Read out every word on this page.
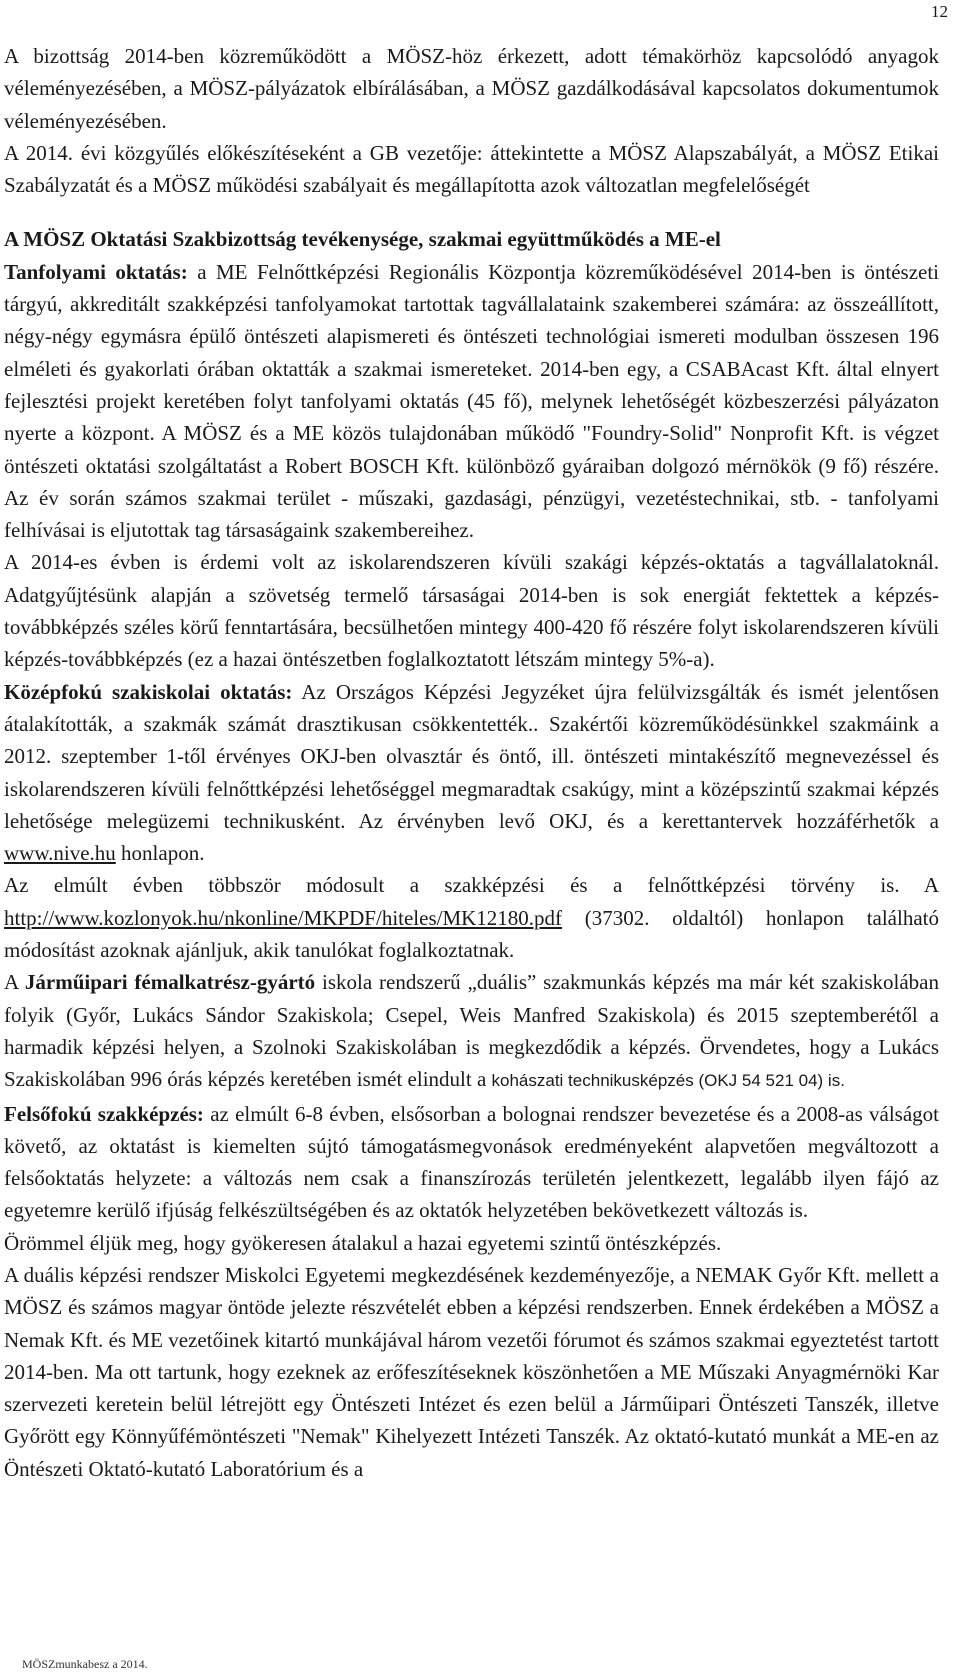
12

A bizottság 2014-ben közreműködött a MÖSZ-höz érkezett, adott témakörhöz kapcsolódó anyagok véleményezésében, a MÖSZ-pályázatok elbírálásában, a MÖSZ gazdálkodásával kapcsolatos dokumentumok véleményezésében.

A 2014. évi közgyűlés előkészítéseként a GB vezetője: áttekintette a MÖSZ Alapszabályát, a MÖSZ Etikai Szabályzatát és a MÖSZ működési szabályait és megállapította azok változatlan megfelelőségét

A MÖSZ Oktatási Szakbizottság tevékenysége, szakmai együttműködés a ME-el

Tanfolyami oktatás: a ME Felnőttképzési Regionális Központja közreműködésével 2014-ben is öntészeti tárgyú, akkreditált szakképzési tanfolyamokat tartottak tagvállalataink szakemberei számára: az összeállított, négy-négy egymásra épülő öntészeti alapismereti és öntészeti technológiai ismereti modulban összesen 196 elméleti és gyakorlati órában oktatták a szakmai ismereteket. 2014-ben egy, a CSABAcast Kft. által elnyert fejlesztési projekt keretében folyt tanfolyami oktatás (45 fő), melynek lehetőségét közbeszerzési pályázaton nyerte a központ. A MÖSZ és a ME közös tulajdonában működő "Foundry-Solid" Nonprofit Kft. is végzet öntészeti oktatási szolgáltatást a Robert BOSCH Kft. különböző gyáraiban dolgozó mérnökök (9 fő) részére. Az év során számos szakmai terület - műszaki, gazdasági, pénzügyi, vezetéstechnikai, stb. - tanfolyami felhívásai is eljutottak tag társaságaink szakembereihez.

A 2014-es évben is érdemi volt az iskolarendszeren kívüli szakági képzés-oktatás a tagvállalatoknál. Adatgyűjtésünk alapján a szövetség termelő társaságai 2014-ben is sok energiát fektettek a képzés-továbbképzés széles körű fenntartására, becsülhetően mintegy 400-420 fő részére folyt iskolarendszeren kívüli képzés-továbbképzés (ez a hazai öntészetben foglalkoztatott létszám mintegy 5%-a).

Középfokú szakiskolai oktatás: Az Országos Képzési Jegyzéket újra felülvizsgálták és ismét jelentősen átalakították, a szakmák számát drasztikusan csökkentették.. Szakértői közreműködésünkkel szakmáink a 2012. szeptember 1-től érvényes OKJ-ben olvasztár és öntő, ill. öntészeti mintakészítő megnevezéssel és iskolarendszeren kívüli felnőttképzési lehetőséggel megmaradtak csakúgy, mint a középszintű szakmai képzés lehetősége melegüzemi technikusként. Az érvényben levő OKJ, és a kerettantervek hozzáférhetők a www.nive.hu honlapon.

Az elmúlt évben többször módosult a szakképzési és a felnőttképzési törvény is. A http://www.kozlonyok.hu/nkonline/MKPDF/hiteles/MK12180.pdf (37302. oldaltól) honlapon található módosítást azoknak ajánljuk, akik tanulókat foglalkoztatnak.

A Járműipari fémalkatrész-gyártó iskola rendszerű „duális” szakmunkás képzés ma már két szakiskolában folyik (Győr, Lukács Sándor Szakiskola; Csepel, Weis Manfred Szakiskola) és 2015 szeptemberétől a harmadik képzési helyen, a Szolnoki Szakiskolában is megkezdődik a képzés. Örvendetes, hogy a Lukács Szakiskolában 996 órás képzés keretében ismét elindult a kohászati technikusképzés (OKJ 54 521 04) is.

Felsőfokú szakképzés: az elmúlt 6-8 évben, elsősorban a bolognai rendszer bevezetése és a 2008-as válságot követő, az oktatást is kiemelten sújtó támogatásmegvonások eredményeként alapvetően megváltozott a felsőoktatás helyzete: a változás nem csak a finanszírozás területén jelentkezett, legalább ilyen fájó az egyetemre kerülő ifjúság felkészültségében és az oktatók helyzetében bekövetkezett változás is.

Örömmel éljük meg, hogy gyökeresen átalakul a hazai egyetemi szintű öntészképzés.

A duális képzési rendszer Miskolci Egyetemi megkezdésének kezdeményezője, a NEMAK Győr Kft. mellett a MÖSZ és számos magyar öntöde jelezte részvételét ebben a képzési rendszerben. Ennek érdekében a MÖSZ a Nemak Kft. és ME vezetőinek kitartó munkájával három vezetői fórumot és számos szakmai egyeztetést tartott 2014-ben. Ma ott tartunk, hogy ezeknek az erőfeszítéseknek köszönhetően a ME Műszaki Anyagmérnöki Kar szervezeti keretein belül létrejött egy Öntészeti Intézet és ezen belül a Járműipari Öntészeti Tanszék, illetve Győrött egy Könnyűfémöntészeti "Nemak" Kihelyezett Intézeti Tanszék. Az oktató-kutató munkát a ME-en az Öntészeti Oktató-kutató Laboratórium és a

MÖSZmunkabesz a 2014.
